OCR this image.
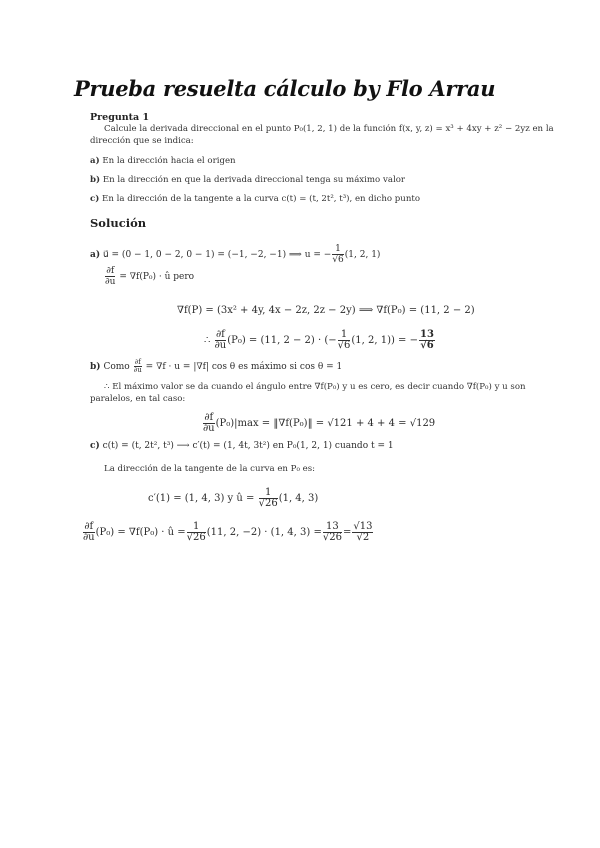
Prueba resuelta cálculo by Flo Arrau
Pregunta 1
Calcule la derivada direccional en el punto P₀(1, 2, 1) de la función f(x, y, z) = x³ + 4xy + z² − 2yz en la
dirección que se indica:
a) En la dirección hacia el origen
b) En la dirección en que la derivada direccional tenga su máximo valor
c) En la dirección de la tangente a la curva c(t) = (t, 2t², t³), en dicho punto
Solución
a) u⃗ = (0 − 1, 0 − 2, 0 − 1) = (−1, −2, −1) ⟹ u = − $\frac{1}{√6} (1$, 2, 1)
$\frac{\partial f}{\partial u} = \nabla f(P_0)$ · û pero
∇f(P) = (3x² + 4y, 4x − 2z, 2z − 2y) ⟹ ∇f(P₀) = (11, 2 − 2)
∴ $\frac{\partial f}{\partial u} (P_0) = (11$, 2 − 2) · (− $\frac{1}{√6} (1$, 2, 1)) = − $\frac{13}{√6}$
b) Como $\frac{\partial f}{\partial u} = \nabla f \cdot u = |\nabla f|$ cos θ es máximo si cos θ = 1
∴ El máximo valor se da cuando el ángulo entre ∇f(P₀) y u es cero, es decir cuando ∇f(P₀) y u son
paralelos, en tal caso:
$\frac{\partial f}{\partial u} (P_0)|\max$ = ‖∇f(P₀)‖ = √121 + 4 + 4 = √129
c) c(t) = (t, 2t², t³) ⟶ c′(t) = (1, 4t, 3t²) en P₀(1, 2, 1) cuando t = 1
La dirección de la tangente de la curva en P₀ es:
c′(1) = (1, 4, 3) y û = $\frac{1}{√26} (1$, 4, 3)
$\frac{\partial f}{\partial u} (P_0) = \nabla f(P_0)$ · û = $\frac{1}{√26} (11$, 2, −2) · (1, 4, $3) = \frac{13}{√26} = \frac{√13}{√2}$
